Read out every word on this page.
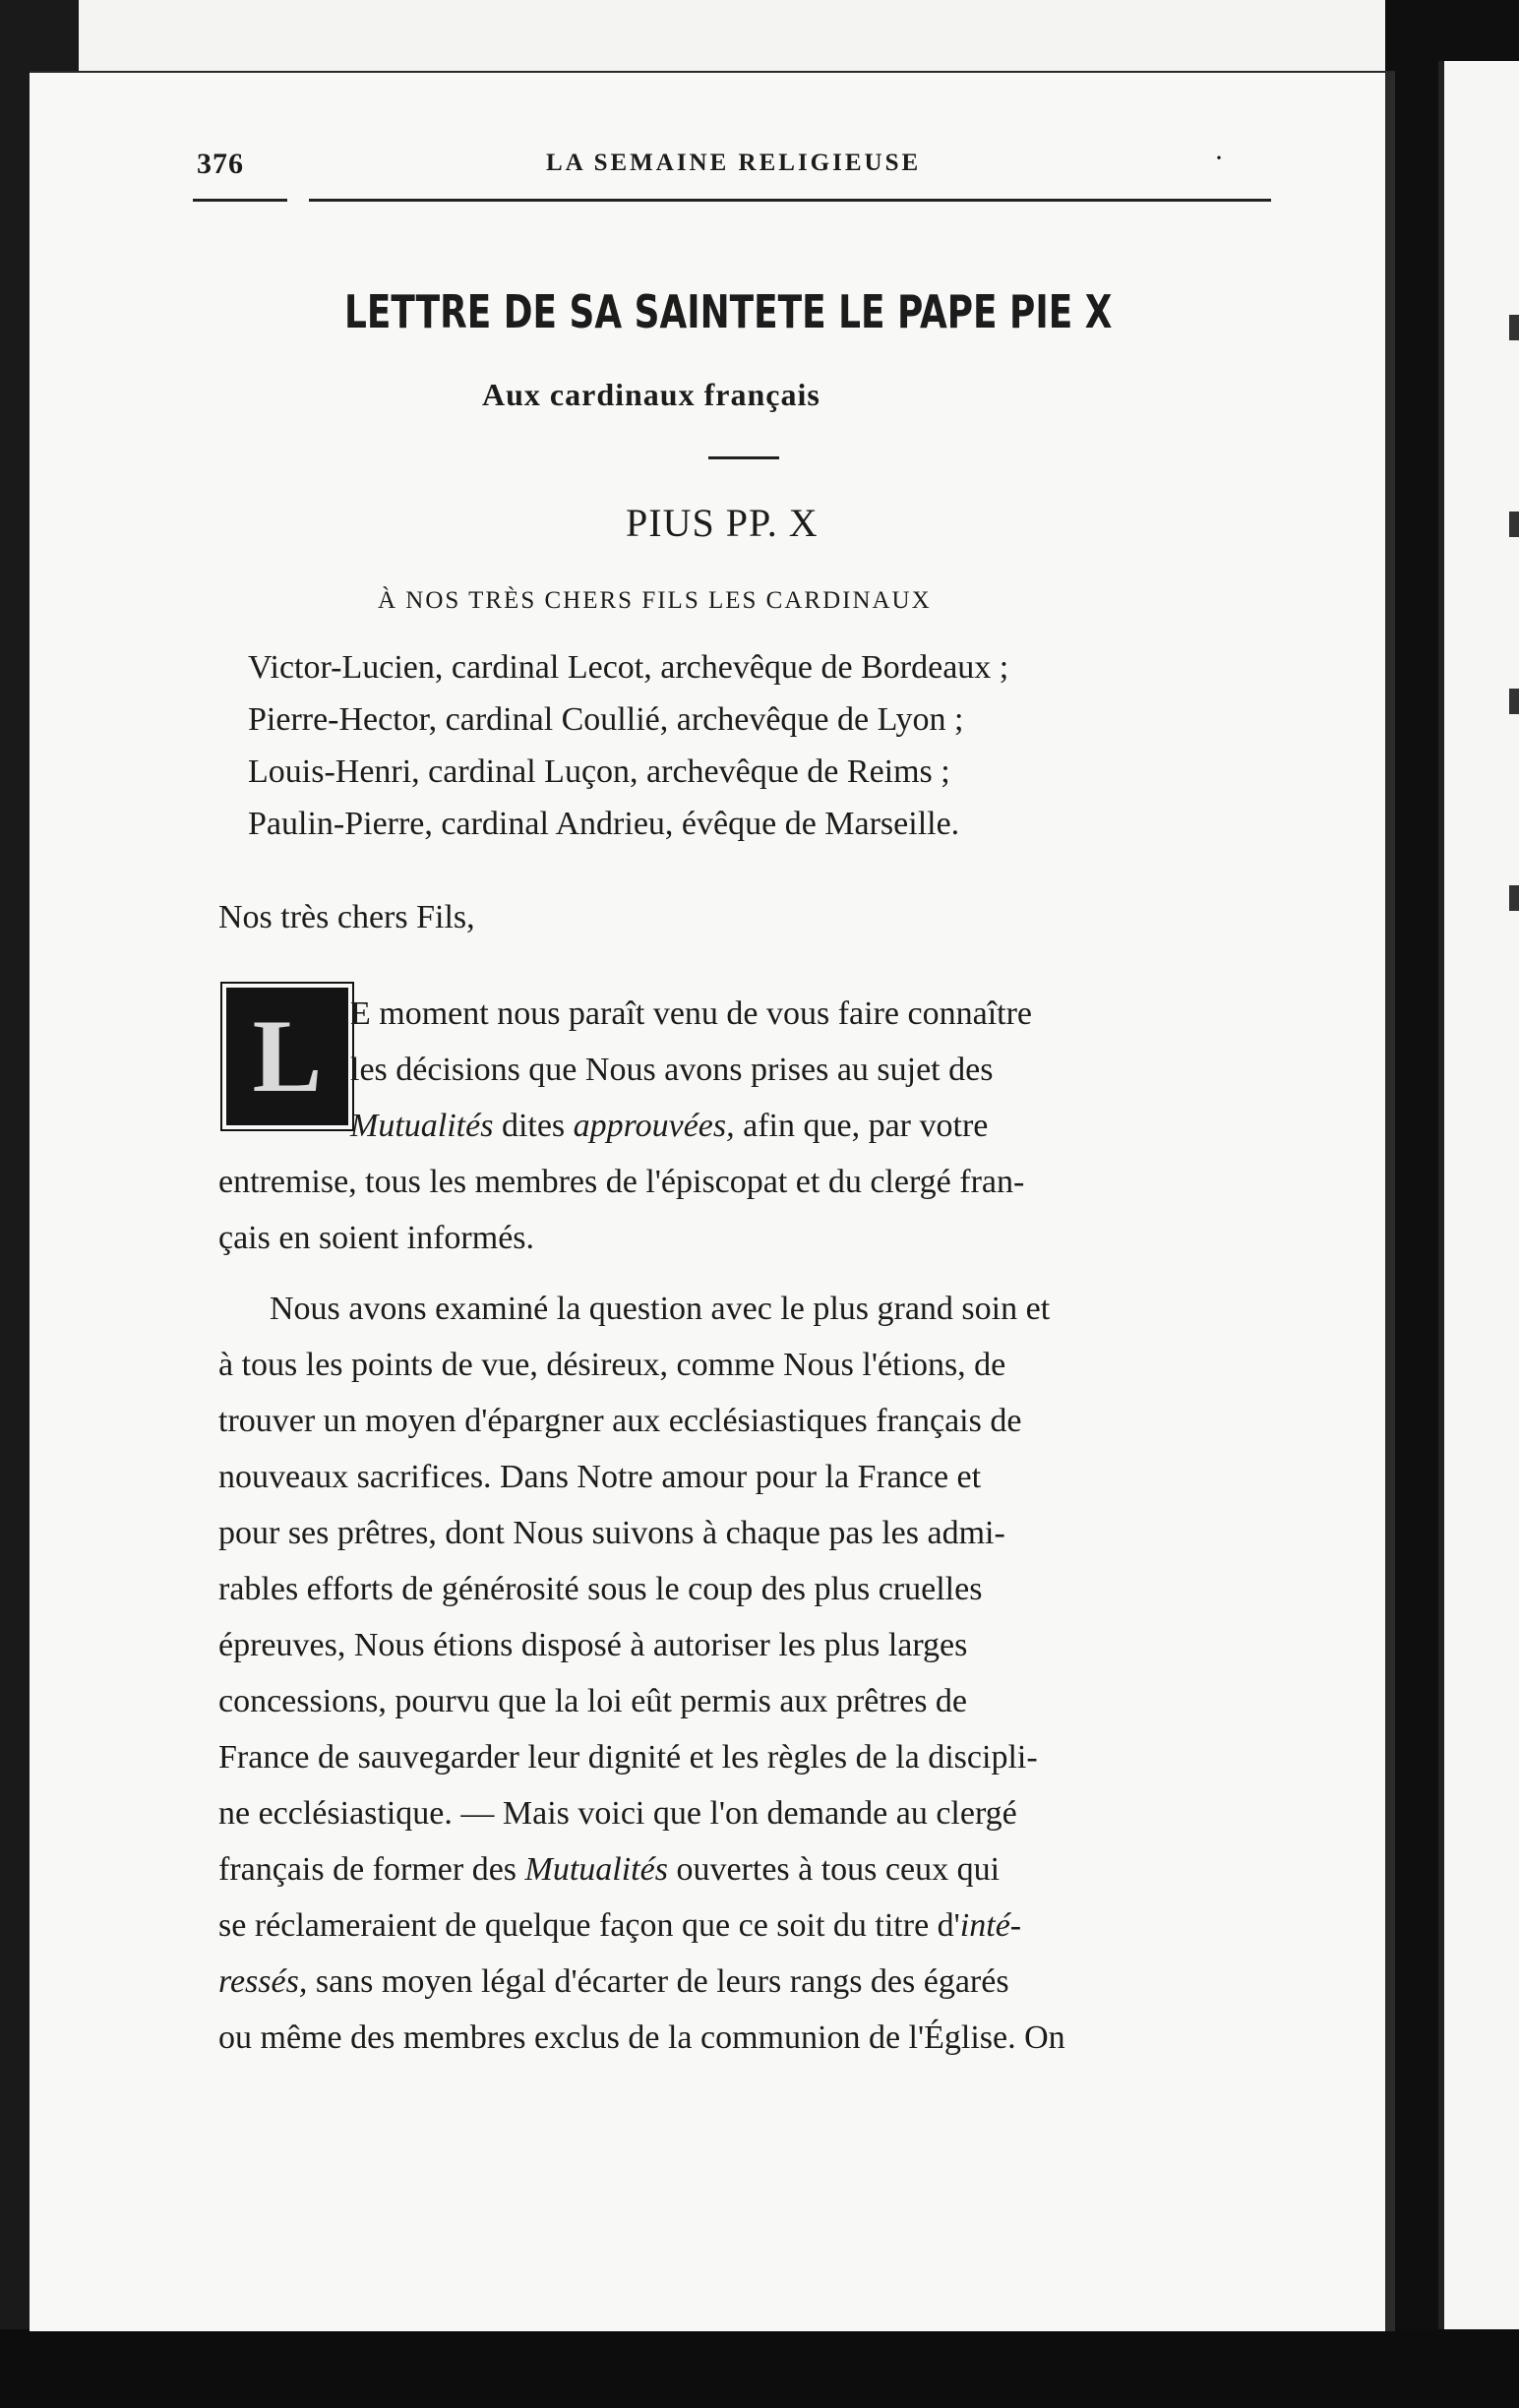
376	LA SEMAINE RELIGIEUSE	·
LETTRE DE SA SAINTETE LE PAPE PIE X
Aux cardinaux français
PIUS PP. X
À NOS TRÈS CHERS FILS LES CARDINAUX
Victor-Lucien, cardinal Lecot, archevêque de Bordeaux ;
Pierre-Hector, cardinal Coullié, archevêque de Lyon ;
Louis-Henri, cardinal Luçon, archevêque de Reims ;
Paulin-Pierre, cardinal Andrieu, évêque de Marseille.
Nos très chers Fils,
L E moment nous paraît venu de vous faire connaître
les décisions que Nous avons prises au sujet des
Mutualités dites approuvées, afin que, par votre
entremise, tous les membres de l'épiscopat et du clergé fran-
çais en soient informés.
Nous avons examiné la question avec le plus grand soin et
à tous les points de vue, désireux, comme Nous l'étions, de
trouver un moyen d'épargner aux ecclésiastiques français de
nouveaux sacrifices. Dans Notre amour pour la France et
pour ses prêtres, dont Nous suivons à chaque pas les admi-
rables efforts de générosité sous le coup des plus cruelles
épreuves, Nous étions disposé à autoriser les plus larges
concessions, pourvu que la loi eût permis aux prêtres de
France de sauvegarder leur dignité et les règles de la discipli-
ne ecclésiastique. — Mais voici que l'on demande au clergé
français de former des Mutualités ouvertes à tous ceux qui
se réclameraient de quelque façon que ce soit du titre d'inté-
ressés, sans moyen légal d'écarter de leurs rangs des égarés
ou même des membres exclus de la communion de l'Église. On
